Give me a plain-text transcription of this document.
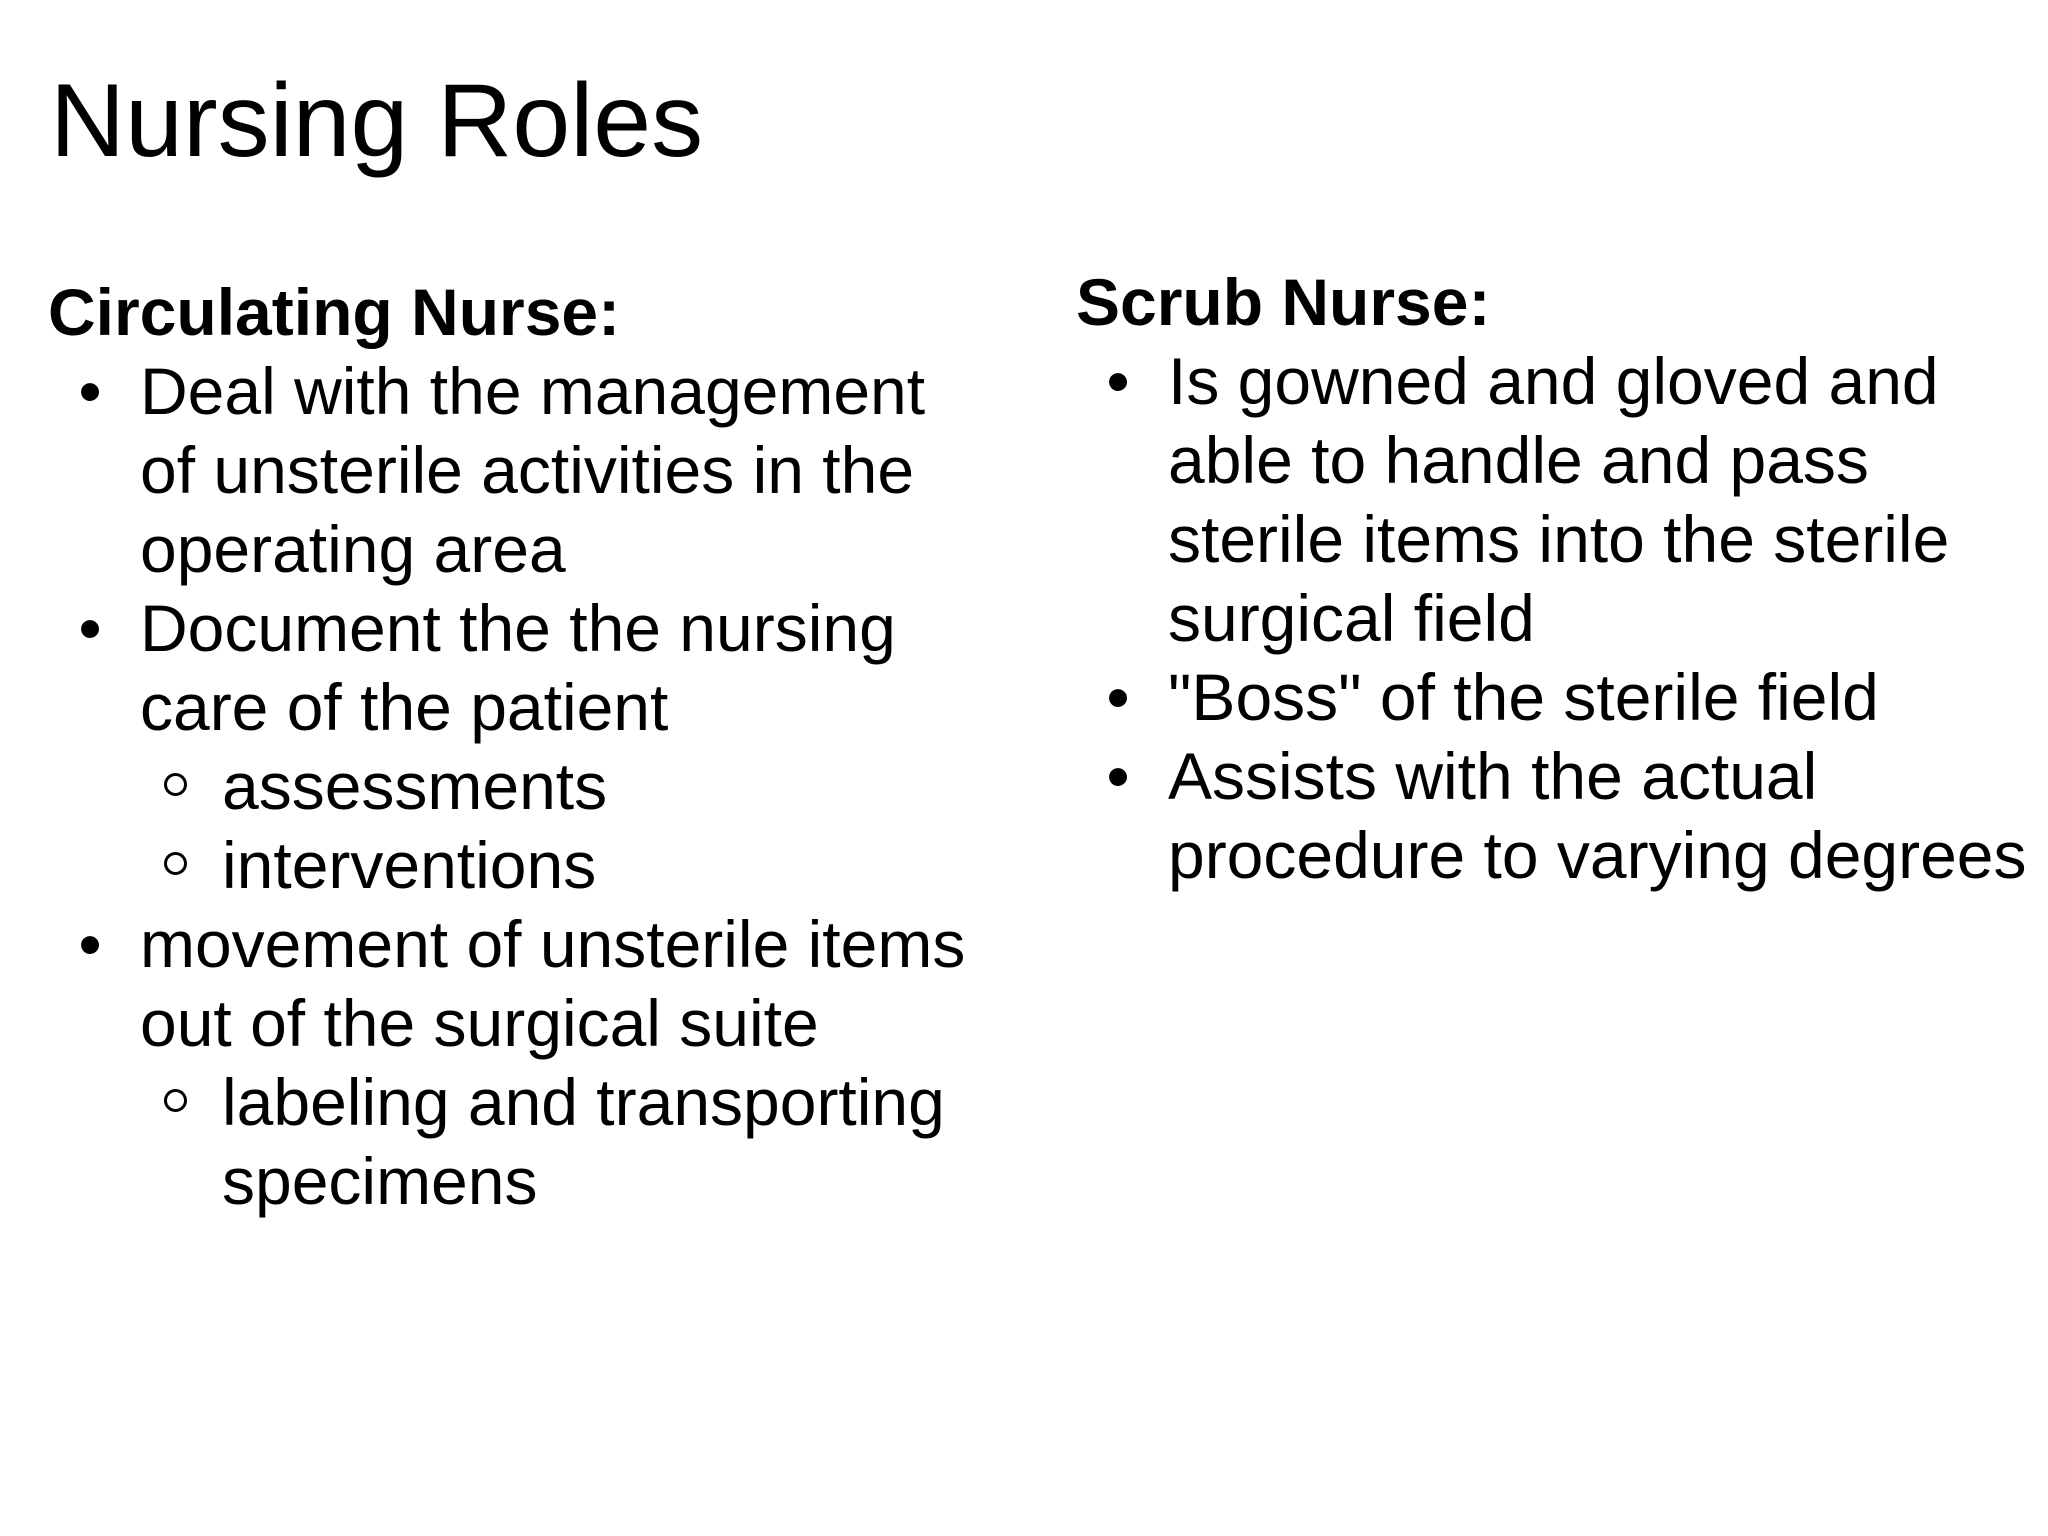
Nursing Roles
Circulating Nurse:
• Deal with the management of unsterile activities in the operating area
• Document the the nursing care of the patient
assessments
interventions
• movement of unsterile items out of the surgical suite
labeling and transporting specimens
Scrub Nurse:
• Is gowned and gloved and able to handle and pass sterile items into the sterile surgical field
• "Boss" of the sterile field
• Assists with the actual procedure to varying degrees
